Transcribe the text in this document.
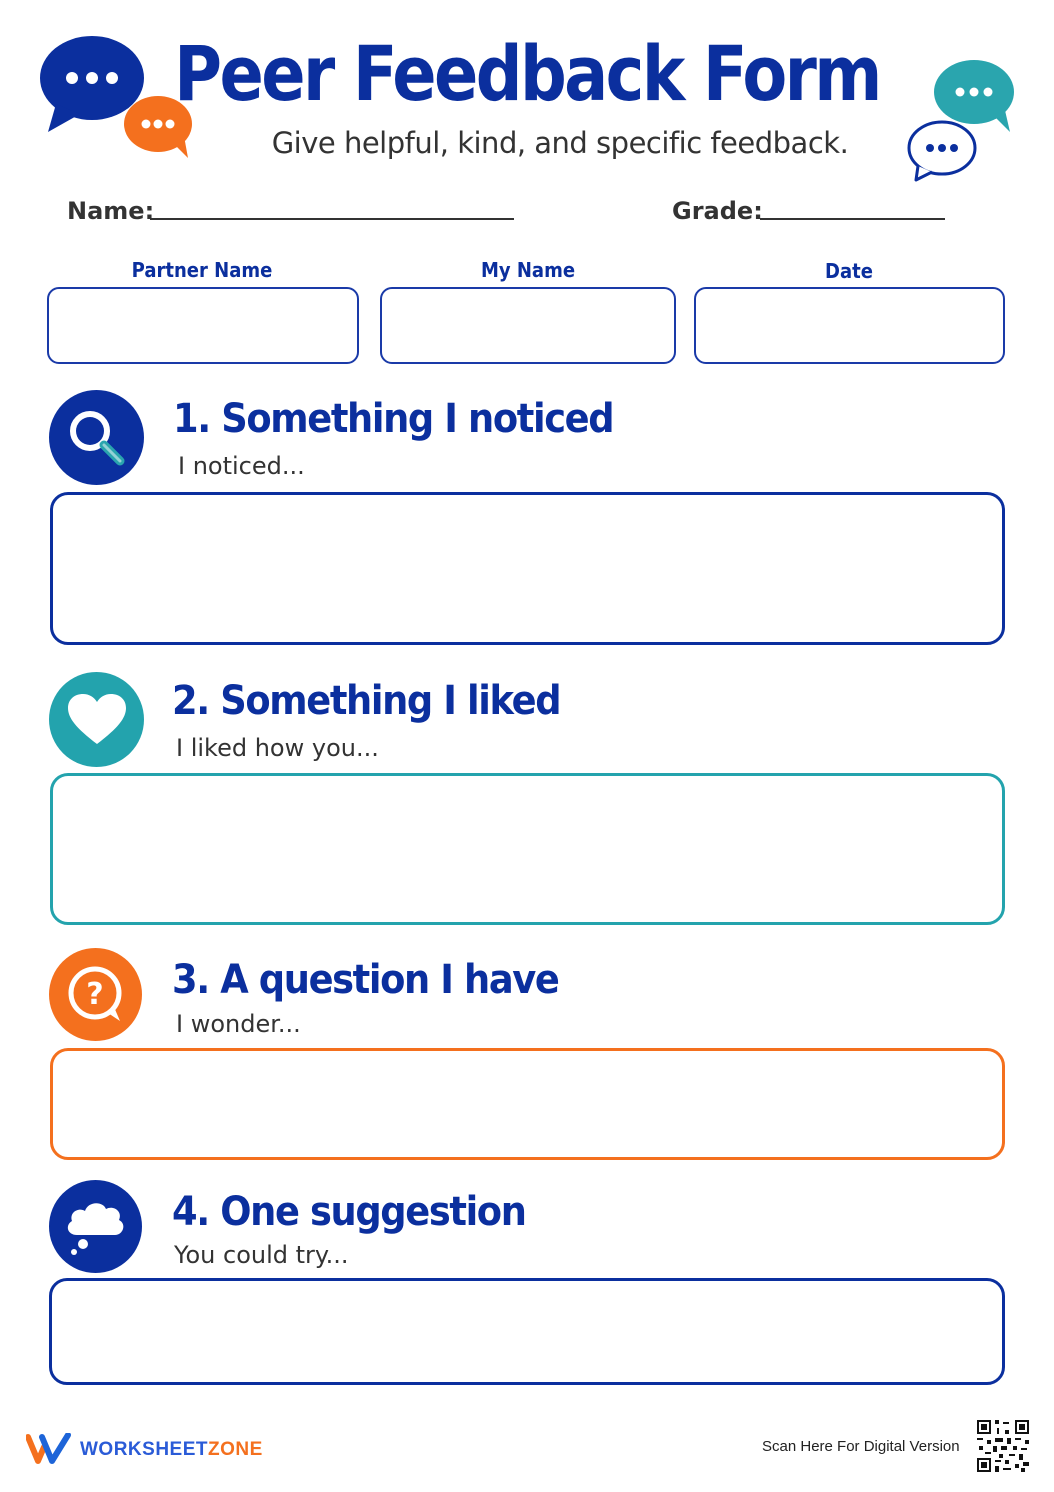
Peer Feedback Form
Give helpful, kind, and specific feedback.
Name:	Grade:
Partner Name	My Name	Date
1. Something I noticed
I noticed...
2. Something I liked
I liked how you...
? 3. A question I have
I wonder...
4. One suggestion
You could try...
WORKSHEETZONE	Scan Here For Digital Version
